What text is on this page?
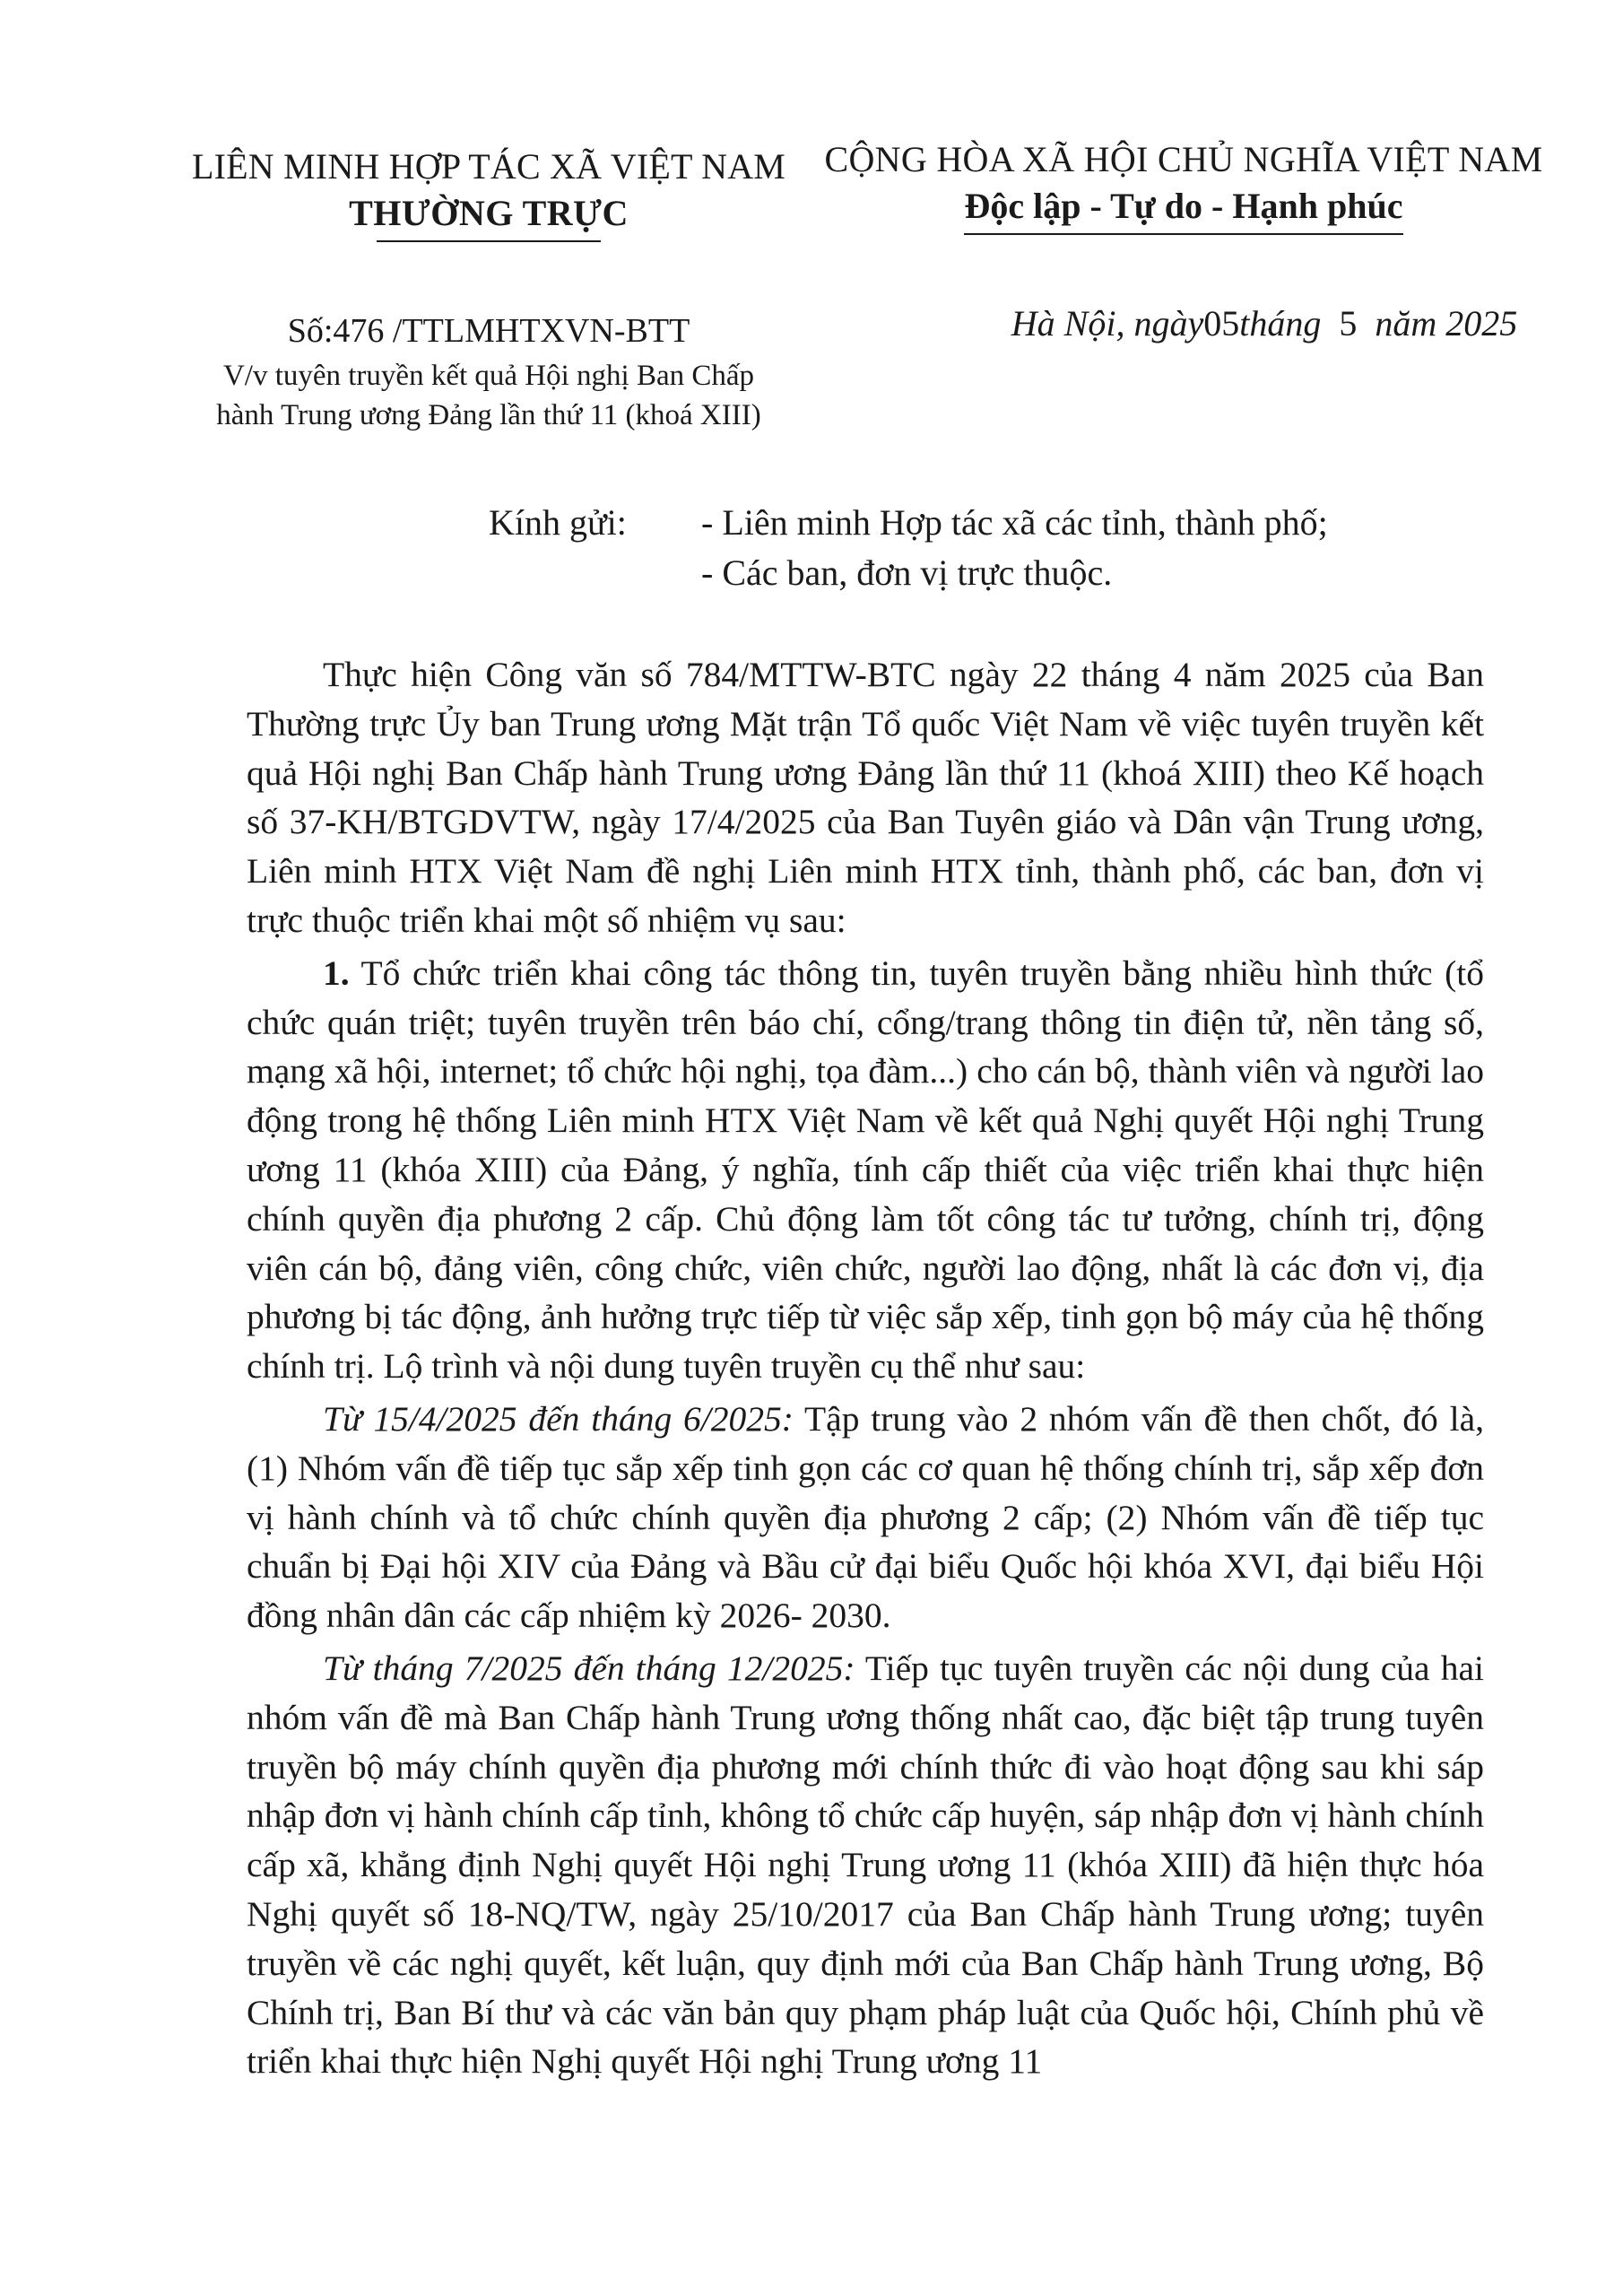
LIÊN MINH HỢP TÁC XÃ VIỆT NAM
THƯỜNG TRỰC
CỘNG HÒA XÃ HỘI CHỦ NGHĨA VIỆT NAM
Độc lập - Tự do - Hạnh phúc
Số:476 /TTLMHTXVN-BTT
V/v tuyên truyền kết quả Hội nghị Ban Chấp
hành Trung ương Đảng lần thứ 11 (khoá XIII)
Hà Nội, ngày05tháng 5 năm 2025
Kính gửi: - Liên minh Hợp tác xã các tỉnh, thành phố;
- Các ban, đơn vị trực thuộc.

Thực hiện Công văn số 784/MTTW-BTC ngày 22 tháng 4 năm 2025 của Ban Thường trực Ủy ban Trung ương Mặt trận Tổ quốc Việt Nam về việc tuyên truyền kết quả Hội nghị Ban Chấp hành Trung ương Đảng lần thứ 11 (khoá XIII) theo Kế hoạch số 37-KH/BTGDVTW, ngày 17/4/2025 của Ban Tuyên giáo và Dân vận Trung ương, Liên minh HTX Việt Nam đề nghị Liên minh HTX tỉnh, thành phố, các ban, đơn vị trực thuộc triển khai một số nhiệm vụ sau:

1. Tổ chức triển khai công tác thông tin, tuyên truyền bằng nhiều hình thức (tổ chức quán triệt; tuyên truyền trên báo chí, cổng/trang thông tin điện tử, nền tảng số, mạng xã hội, internet; tổ chức hội nghị, tọa đàm...) cho cán bộ, thành viên và người lao động trong hệ thống Liên minh HTX Việt Nam về kết quả Nghị quyết Hội nghị Trung ương 11 (khóa XIII) của Đảng, ý nghĩa, tính cấp thiết của việc triển khai thực hiện chính quyền địa phương 2 cấp. Chủ động làm tốt công tác tư tưởng, chính trị, động viên cán bộ, đảng viên, công chức, viên chức, người lao động, nhất là các đơn vị, địa phương bị tác động, ảnh hưởng trực tiếp từ việc sắp xếp, tinh gọn bộ máy của hệ thống chính trị. Lộ trình và nội dung tuyên truyền cụ thể như sau:

Từ 15/4/2025 đến tháng 6/2025: Tập trung vào 2 nhóm vấn đề then chốt, đó là, (1) Nhóm vấn đề tiếp tục sắp xếp tinh gọn các cơ quan hệ thống chính trị, sắp xếp đơn vị hành chính và tổ chức chính quyền địa phương 2 cấp; (2) Nhóm vấn đề tiếp tục chuẩn bị Đại hội XIV của Đảng và Bầu cử đại biểu Quốc hội khóa XVI, đại biểu Hội đồng nhân dân các cấp nhiệm kỳ 2026- 2030.

Từ tháng 7/2025 đến tháng 12/2025: Tiếp tục tuyên truyền các nội dung của hai nhóm vấn đề mà Ban Chấp hành Trung ương thống nhất cao, đặc biệt tập trung tuyên truyền bộ máy chính quyền địa phương mới chính thức đi vào hoạt động sau khi sáp nhập đơn vị hành chính cấp tỉnh, không tổ chức cấp huyện, sáp nhập đơn vị hành chính cấp xã, khẳng định Nghị quyết Hội nghị Trung ương 11 (khóa XIII) đã hiện thực hóa Nghị quyết số 18-NQ/TW, ngày 25/10/2017 của Ban Chấp hành Trung ương; tuyên truyền về các nghị quyết, kết luận, quy định mới của Ban Chấp hành Trung ương, Bộ Chính trị, Ban Bí thư và các văn bản quy phạm pháp luật của Quốc hội, Chính phủ về triển khai thực hiện Nghị quyết Hội nghị Trung ương 11
